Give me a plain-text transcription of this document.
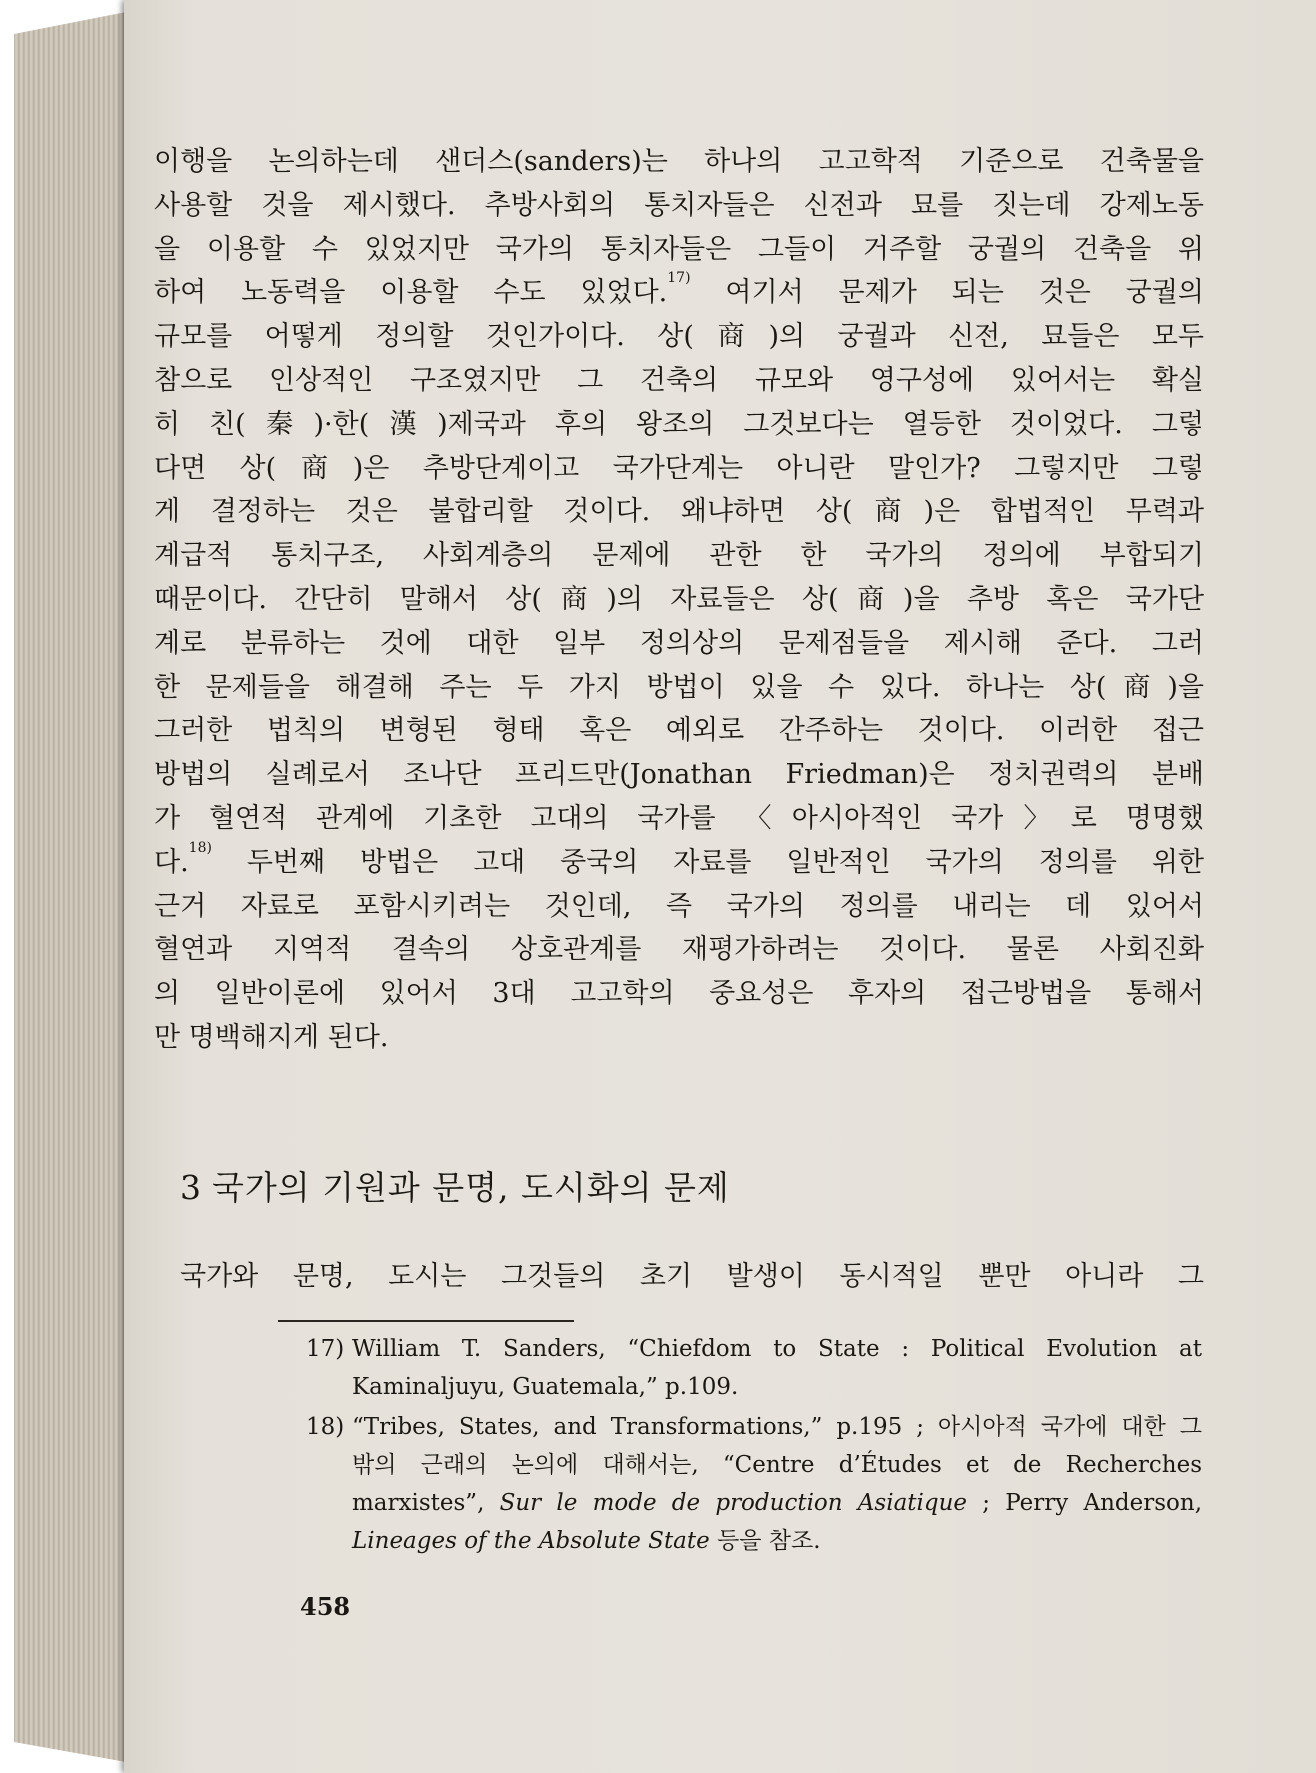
이행을 논의하는데 샌더스(sanders)는 하나의 고고학적 기준으로 건축물을
사용할 것을 제시했다. 추방사회의 통치자들은 신전과 묘를 짓는데 강제노동
을 이용할 수 있었지만 국가의 통치자들은 그들이 거주할 궁궐의 건축을 위
하여 노동력을 이용할 수도 있었다.$^{17)}$ 여기서 문제가 되는 것은 궁궐의
규모를 어떻게 정의할 것인가이다. 상(商)의 궁궐과 신전, 묘들은 모두
참으로 인상적인 구조였지만 그 건축의 규모와 영구성에 있어서는 확실
히 친(秦)·한(漢)제국과 후의 왕조의 그것보다는 열등한 것이었다. 그렇
다면 상(商)은 추방단계이고 국가단계는 아니란 말인가? 그렇지만 그렇
게 결정하는 것은 불합리할 것이다. 왜냐하면 상(商)은 합법적인 무력과
계급적 통치구조, 사회계층의 문제에 관한 한 국가의 정의에 부합되기
때문이다. 간단히 말해서 상(商)의 자료들은 상(商)을 추방 혹은 국가단
계로 분류하는 것에 대한 일부 정의상의 문제점들을 제시해 준다. 그러
한 문제들을 해결해 주는 두 가지 방법이 있을 수 있다. 하나는 상(商)을
그러한 법칙의 변형된 형태 혹은 예외로 간주하는 것이다. 이러한 접근
방법의 실례로서 조나단 프리드만(Jonathan Friedman)은 정치권력의 분배
가 혈연적 관계에 기초한 고대의 국가를 〈아시아적인 국가〉로 명명했
다.$^{18)}$ 두번째 방법은 고대 중국의 자료를 일반적인 국가의 정의를 위한
근거 자료로 포함시키려는 것인데, 즉 국가의 정의를 내리는 데 있어서
혈연과 지역적 결속의 상호관계를 재평가하려는 것이다. 물론 사회진화
의 일반이론에 있어서 3대 고고학의 중요성은 후자의 접근방법을 통해서
만 명백해지게 된다.

3 국가의 기원과 문명, 도시화의 문제

국가와 문명, 도시는 그것들의 초기 발생이 동시적일 뿐만 아니라 그

17) William T. Sanders, “Chiefdom to State : Political Evolution at
Kaminaljuyu, Guatemala,” p.109.
18) “Tribes, States, and Transformations,” p.195 ; 아시아적 국가에 대한 그
밖의 근래의 논의에 대해서는, “Centre d’Études et de Recherches
marxistes”, Sur le mode de production Asiatique ; Perry Anderson,
Lineages of the Absolute State 등을 참조.
458
